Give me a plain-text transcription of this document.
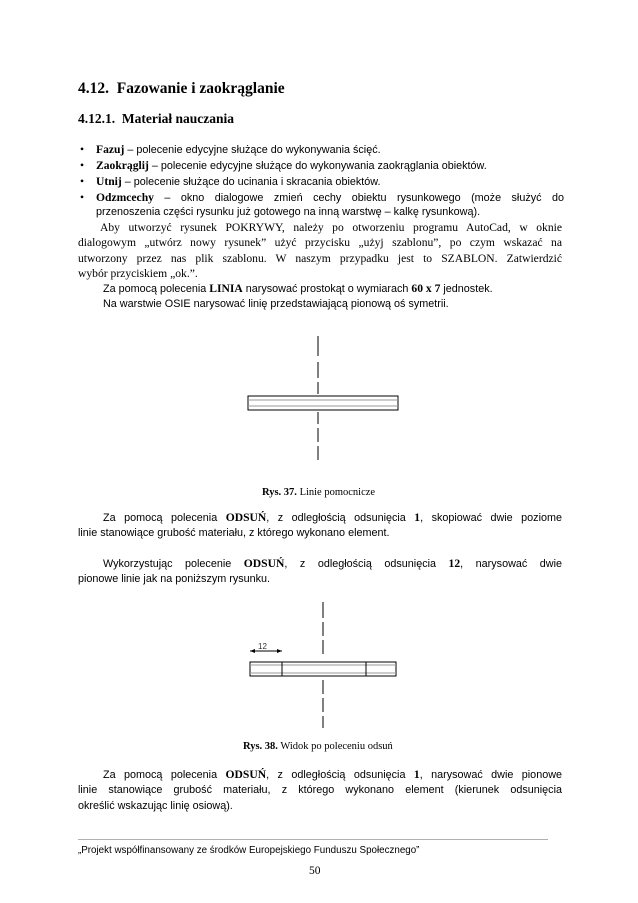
4.12. Fazowanie i zaokrąglanie
4.12.1. Materiał nauczania
• Fazuj – polecenie edycyjne służące do wykonywania ścięć.
• Zaokrąglij – polecenie edycyjne służące do wykonywania zaokrąglania obiektów.
• Utnij – polecenie służące do ucinania i skracania obiektów.
• Odzmcechy – okno dialogowe zmień cechy obiektu rysunkowego (może służyć do
przenoszenia części rysunku już gotowego na inną warstwę – kalkę rysunkową).
Aby utworzyć rysunek POKRYWY, należy po otworzeniu programu AutoCad, w oknie
dialogowym „utwórz nowy rysunek” użyć przycisku „użyj szablonu”, po czym wskazać na
utworzony przez nas plik szablonu. W naszym przypadku jest to SZABLON. Zatwierdzić
wybór przyciskiem „ok.”.
Za pomocą polecenia LINIA narysować prostokąt o wymiarach 60 x 7 jednostek.
Na warstwie OSIE narysować linię przedstawiającą pionową oś symetrii.
Rys. 37. Linie pomocnicze
Za pomocą polecenia ODSUŃ, z odległością odsunięcia 1, skopiować dwie poziome
linie stanowiące grubość materiału, z którego wykonano element.
Wykorzystując polecenie ODSUŃ, z odległością odsunięcia 12, narysować dwie
pionowe linie jak na poniższym rysunku.
12
Rys. 38. Widok po poleceniu odsuń
Za pomocą polecenia ODSUŃ, z odległością odsunięcia 1, narysować dwie pionowe
linie stanowiące grubość materiału, z którego wykonano element (kierunek odsunięcia
określić wskazując linię osiową).
„Projekt współfinansowany ze środków Europejskiego Funduszu Społecznego”
50
